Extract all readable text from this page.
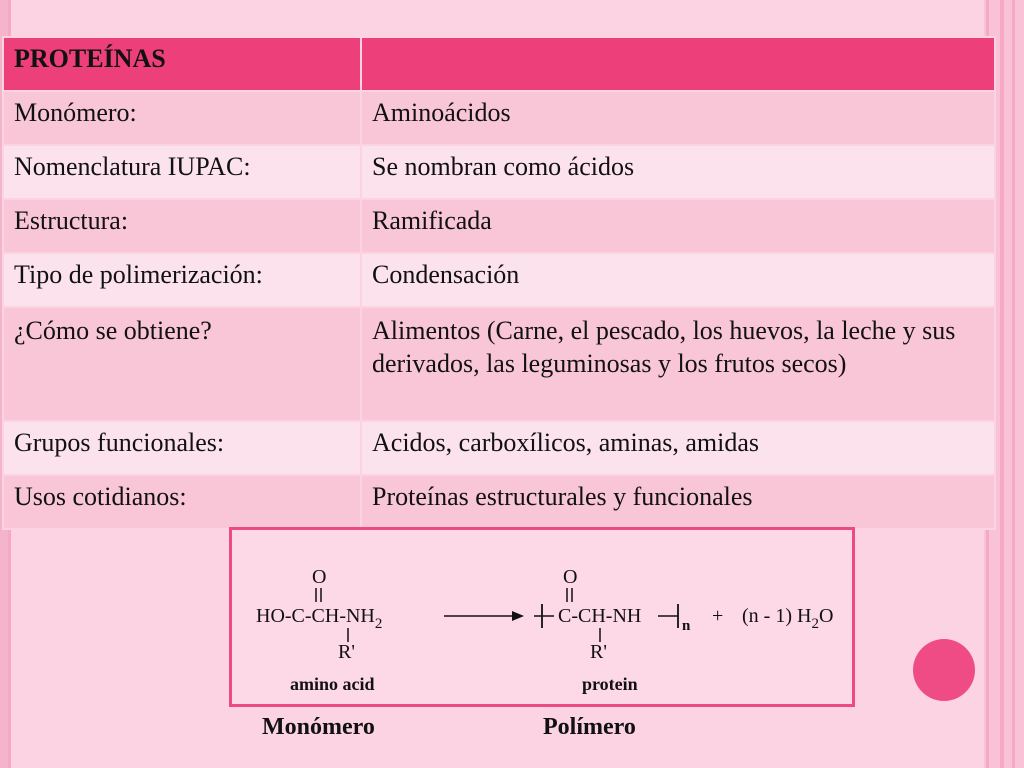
PROTEÍNAS	
Monómero:	Aminoácidos
Nomenclatura IUPAC:	Se nombran como ácidos
Estructura:	Ramificada
Tipo de polimerización:	Condensación
¿Cómo se obtiene?	Alimentos (Carne, el pescado, los huevos, la leche y sus derivados, las leguminosas y los frutos secos)
Grupos funcionales:	Acidos, carboxílicos, aminas, amidas
Usos cotidianos:	Proteínas estructurales y funcionales
O
$HO-C-CH-NH_2$
R'
amino acid
O
C-CH-NH	n
R'
protein
+ (n - 1) $H_2O$
Monómero	Polímero
